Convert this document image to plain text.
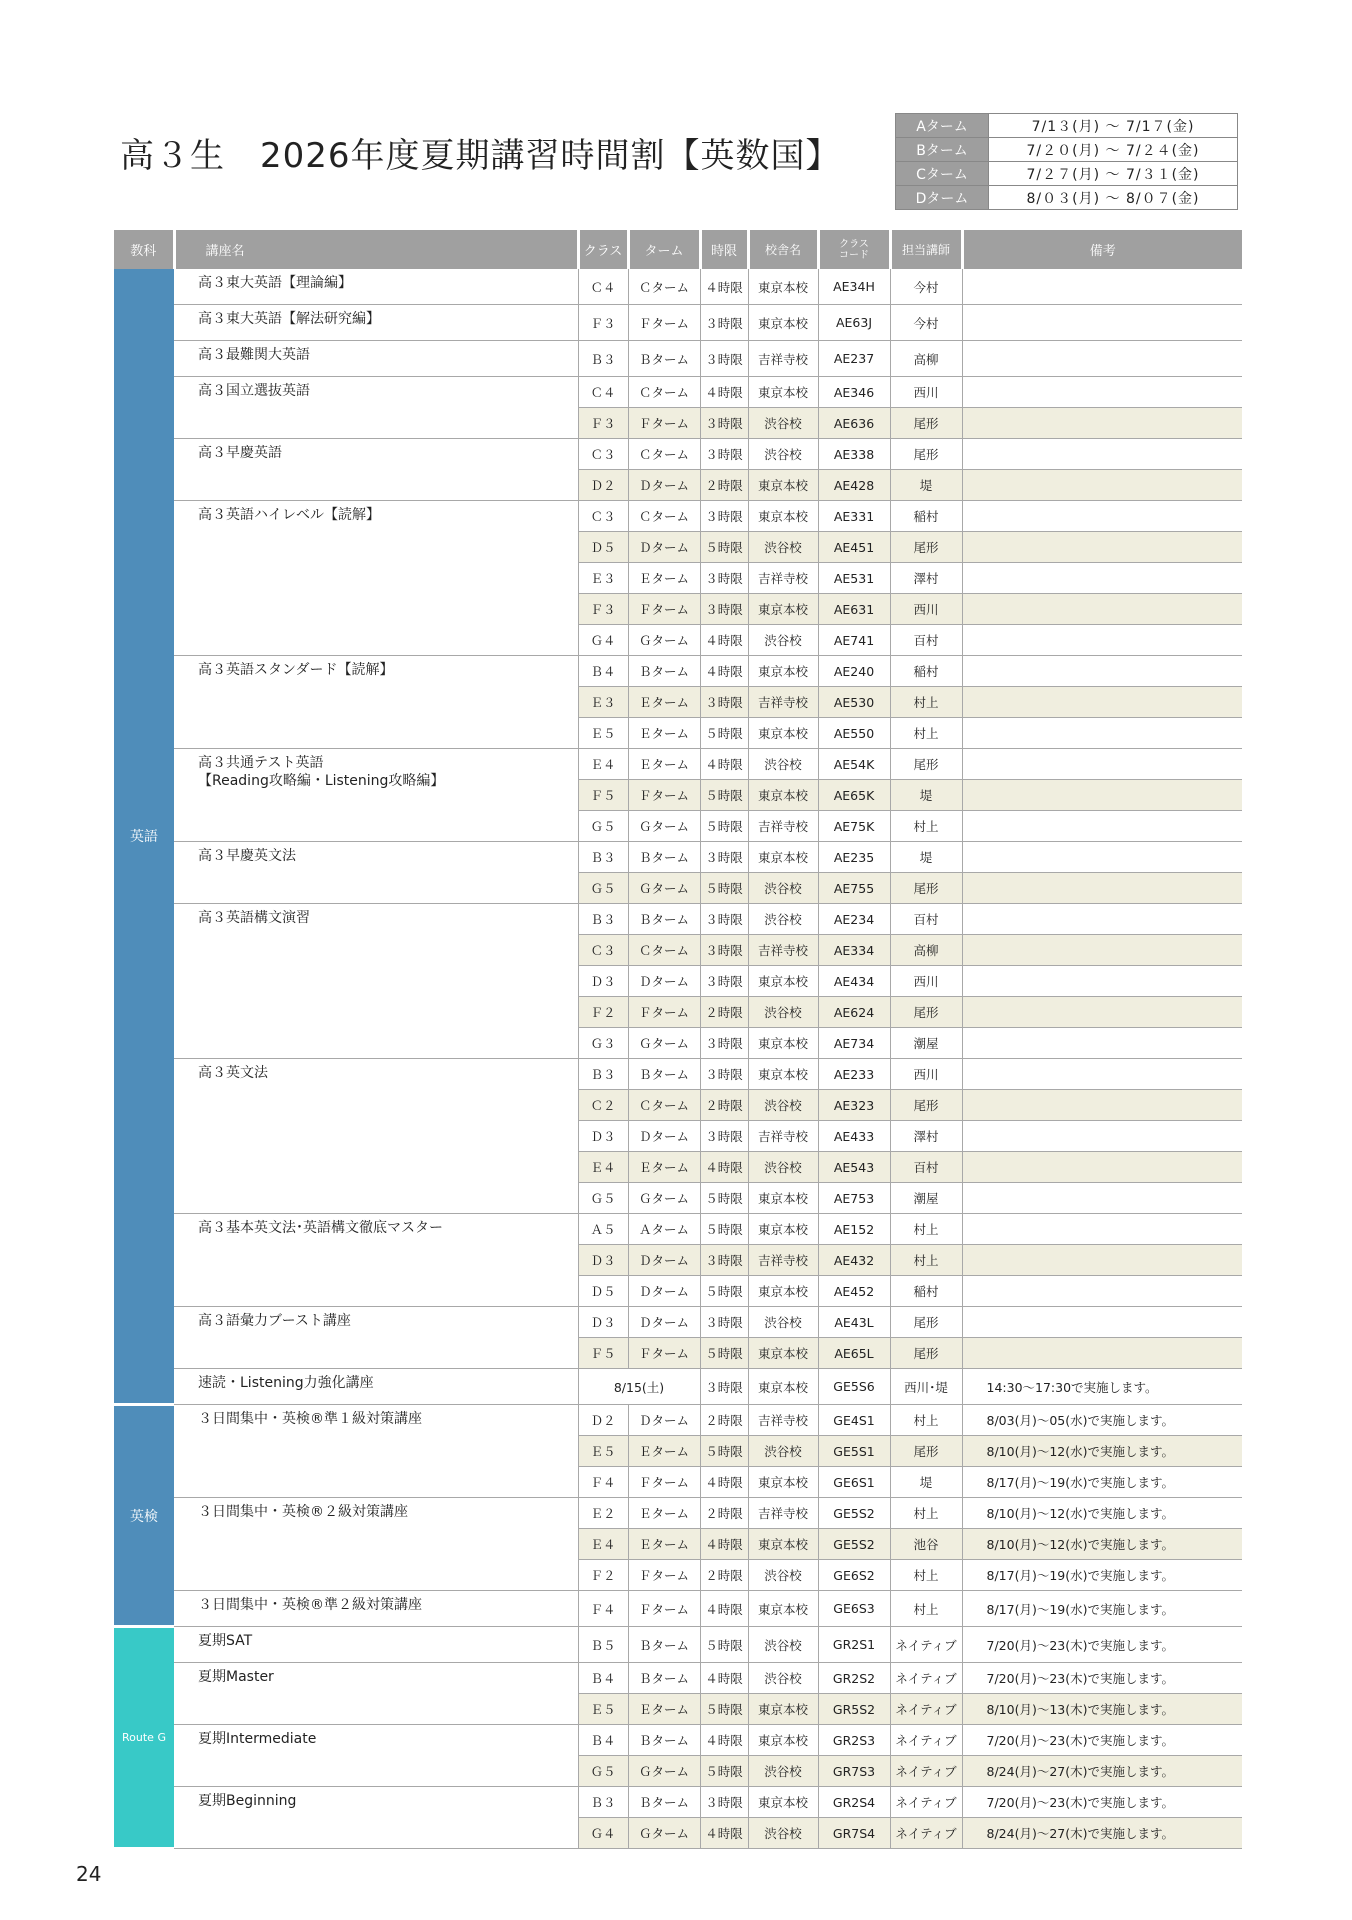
高３生　2026年度夏期講習時間割【英数国】
Aターム	7/1３(月) ～ 7/1７(金)
Bターム	7/２０(月) ～ 7/２４(金)
Cターム	7/２７(月) ～ 7/３１(金)
Dターム	8/０３(月) ～ 8/０７(金)
教科	講座名	クラス	ターム	時限	校舎名	クラス
コード	担当講師	備考
英語	高３東大英語【理論編】	Ｃ４	Ｃターム	４時限	東京本校	AE34H	今村	
	高３東大英語【解法研究編】	Ｆ３	Ｆターム	３時限	東京本校	AE63J	今村	
	高３最難関大英語	Ｂ３	Ｂターム	３時限	吉祥寺校	AE237	高柳	
	高３国立選抜英語	Ｃ４	Ｃターム	４時限	東京本校	AE346	西川	
		Ｆ３	Ｆターム	３時限	渋谷校	AE636	尾形	
	高３早慶英語	Ｃ３	Ｃターム	３時限	渋谷校	AE338	尾形	
		Ｄ２	Ｄターム	２時限	東京本校	AE428	堤	
	高３英語ハイレベル【読解】	Ｃ３	Ｃターム	３時限	東京本校	AE331	稲村	
		Ｄ５	Ｄターム	５時限	渋谷校	AE451	尾形	
		Ｅ３	Ｅターム	３時限	吉祥寺校	AE531	澤村	
		Ｆ３	Ｆターム	３時限	東京本校	AE631	西川	
		Ｇ４	Ｇターム	４時限	渋谷校	AE741	百村	
	高３英語スタンダード【読解】	Ｂ４	Ｂターム	４時限	東京本校	AE240	稲村	
		Ｅ３	Ｅターム	３時限	吉祥寺校	AE530	村上	
		Ｅ５	Ｅターム	５時限	東京本校	AE550	村上	
	高３共通テスト英語
【Reading攻略編・Listening攻略編】	Ｅ４	Ｅターム	４時限	渋谷校	AE54K	尾形	
		Ｆ５	Ｆターム	５時限	東京本校	AE65K	堤	
		Ｇ５	Ｇターム	５時限	吉祥寺校	AE75K	村上	
	高３早慶英文法	Ｂ３	Ｂターム	３時限	東京本校	AE235	堤	
		Ｇ５	Ｇターム	５時限	渋谷校	AE755	尾形	
	高３英語構文演習	Ｂ３	Ｂターム	３時限	渋谷校	AE234	百村	
		Ｃ３	Ｃターム	３時限	吉祥寺校	AE334	高柳	
		Ｄ３	Ｄターム	３時限	東京本校	AE434	西川	
		Ｆ２	Ｆターム	２時限	渋谷校	AE624	尾形	
		Ｇ３	Ｇターム	３時限	東京本校	AE734	潮屋	
	高３英文法	Ｂ３	Ｂターム	３時限	東京本校	AE233	西川	
		Ｃ２	Ｃターム	２時限	渋谷校	AE323	尾形	
		Ｄ３	Ｄターム	３時限	吉祥寺校	AE433	澤村	
		Ｅ４	Ｅターム	４時限	渋谷校	AE543	百村	
		Ｇ５	Ｇターム	５時限	東京本校	AE753	潮屋	
	高３基本英文法･英語構文徹底マスター	Ａ５	Ａターム	５時限	東京本校	AE152	村上	
		Ｄ３	Ｄターム	３時限	吉祥寺校	AE432	村上	
		Ｄ５	Ｄターム	５時限	東京本校	AE452	稲村	
	高３語彙力ブースト講座	Ｄ３	Ｄターム	３時限	渋谷校	AE43L	尾形	
		Ｆ５	Ｆターム	５時限	東京本校	AE65L	尾形	
	速読・Listening力強化講座	8/15(土)		３時限	東京本校	GE5S6	西川･堤	14:30～17:30で実施します。
英検	３日間集中・英検®準１級対策講座	Ｄ２	Ｄターム	２時限	吉祥寺校	GE4S1	村上	8/03(月)～05(水)で実施します。
		Ｅ５	Ｅターム	５時限	渋谷校	GE5S1	尾形	8/10(月)～12(水)で実施します。
		Ｆ４	Ｆターム	４時限	東京本校	GE6S1	堤	8/17(月)～19(水)で実施します。
	３日間集中・英検®２級対策講座	Ｅ２	Ｅターム	２時限	吉祥寺校	GE5S2	村上	8/10(月)～12(水)で実施します。
		Ｅ４	Ｅターム	４時限	東京本校	GE5S2	池谷	8/10(月)～12(水)で実施します。
		Ｆ２	Ｆターム	２時限	渋谷校	GE6S2	村上	8/17(月)～19(水)で実施します。
	３日間集中・英検®準２級対策講座	Ｆ４	Ｆターム	４時限	東京本校	GE6S3	村上	8/17(月)～19(水)で実施します。
Route G	夏期SAT	Ｂ５	Ｂターム	５時限	渋谷校	GR2S1	ネイティブ	7/20(月)～23(木)で実施します。
	夏期Master	Ｂ４	Ｂターム	４時限	渋谷校	GR2S2	ネイティブ	7/20(月)～23(木)で実施します。
		Ｅ５	Ｅターム	５時限	東京本校	GR5S2	ネイティブ	8/10(月)～13(木)で実施します。
	夏期Intermediate	Ｂ４	Ｂターム	４時限	東京本校	GR2S3	ネイティブ	7/20(月)～23(木)で実施します。
		Ｇ５	Ｇターム	５時限	渋谷校	GR7S3	ネイティブ	8/24(月)～27(木)で実施します。
	夏期Beginning	Ｂ３	Ｂターム	３時限	東京本校	GR2S4	ネイティブ	7/20(月)～23(木)で実施します。
		Ｇ４	Ｇターム	４時限	渋谷校	GR7S4	ネイティブ	8/24(月)～27(木)で実施します。
24
